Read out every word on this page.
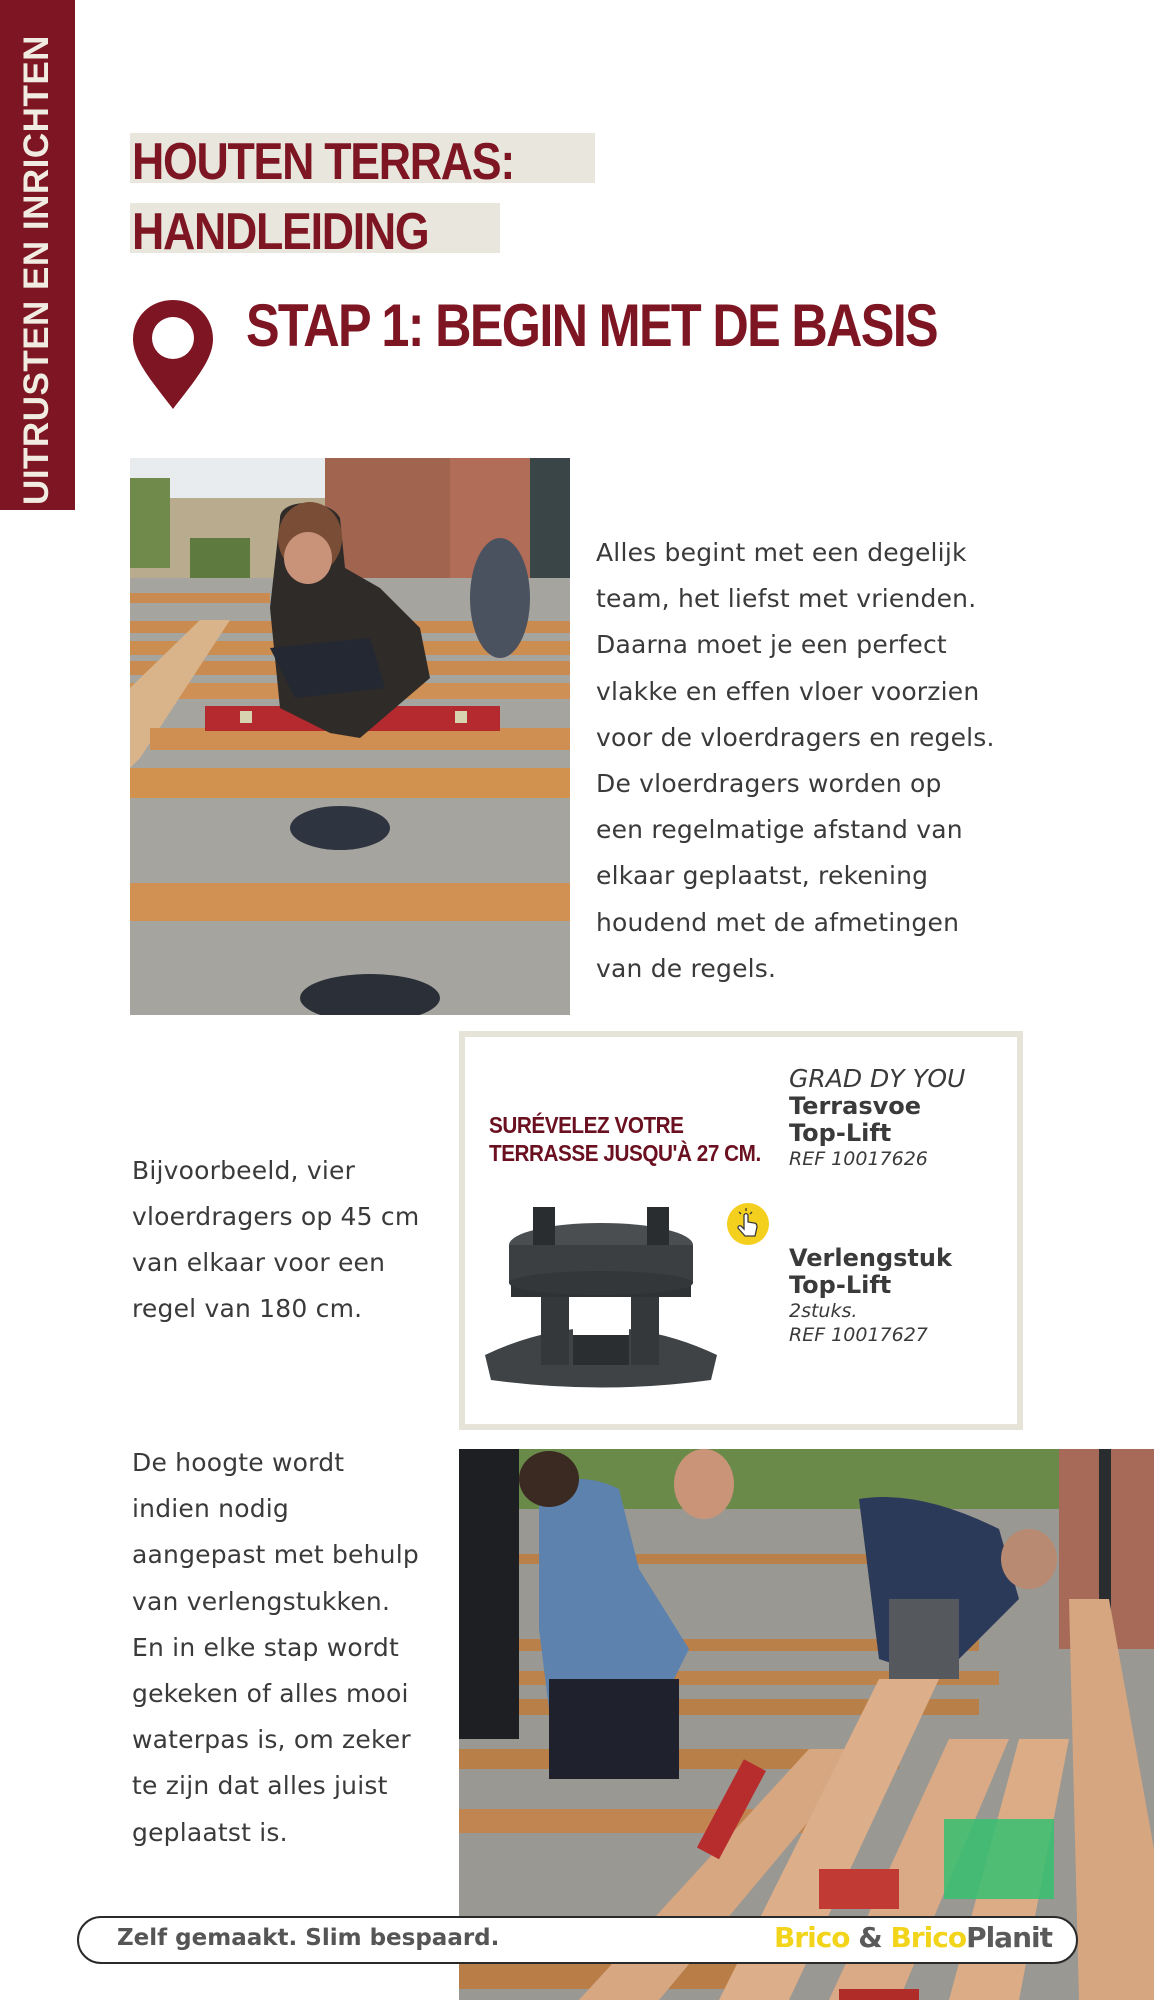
UITRUSTEN EN INRICHTEN HOUTEN TERRAS:
HANDLEIDING
STAP 1: BEGIN MET DE BASIS
Alles begint met een degelijk
team, het liefst met vrienden.
Daarna moet je een perfect
vlakke en effen vloer voorzien
voor de vloerdragers en regels.
De vloerdragers worden op
een regelmatige afstand van
elkaar geplaatst, rekening
houdend met de afmetingen
van de regels.
Bijvoorbeeld, vier
vloerdragers op 45 cm
van elkaar voor een
regel van 180 cm.
SURÉVELEZ VOTRE
TERRASSE JUSQU'À 27 CM.
GRAD DY YOU
Terrasvoe
Top-Lift
REF 10017626
Verlengstuk
Top-Lift
2stuks.
REF 10017627
De hoogte wordt
indien nodig
aangepast met behulp
van verlengstukken.
En in elke stap wordt
gekeken of alles mooi
waterpas is, om zeker
te zijn dat alles juist
geplaatst is.
Zelf gemaakt. Slim bespaard.	Brico & BricoPlanit
